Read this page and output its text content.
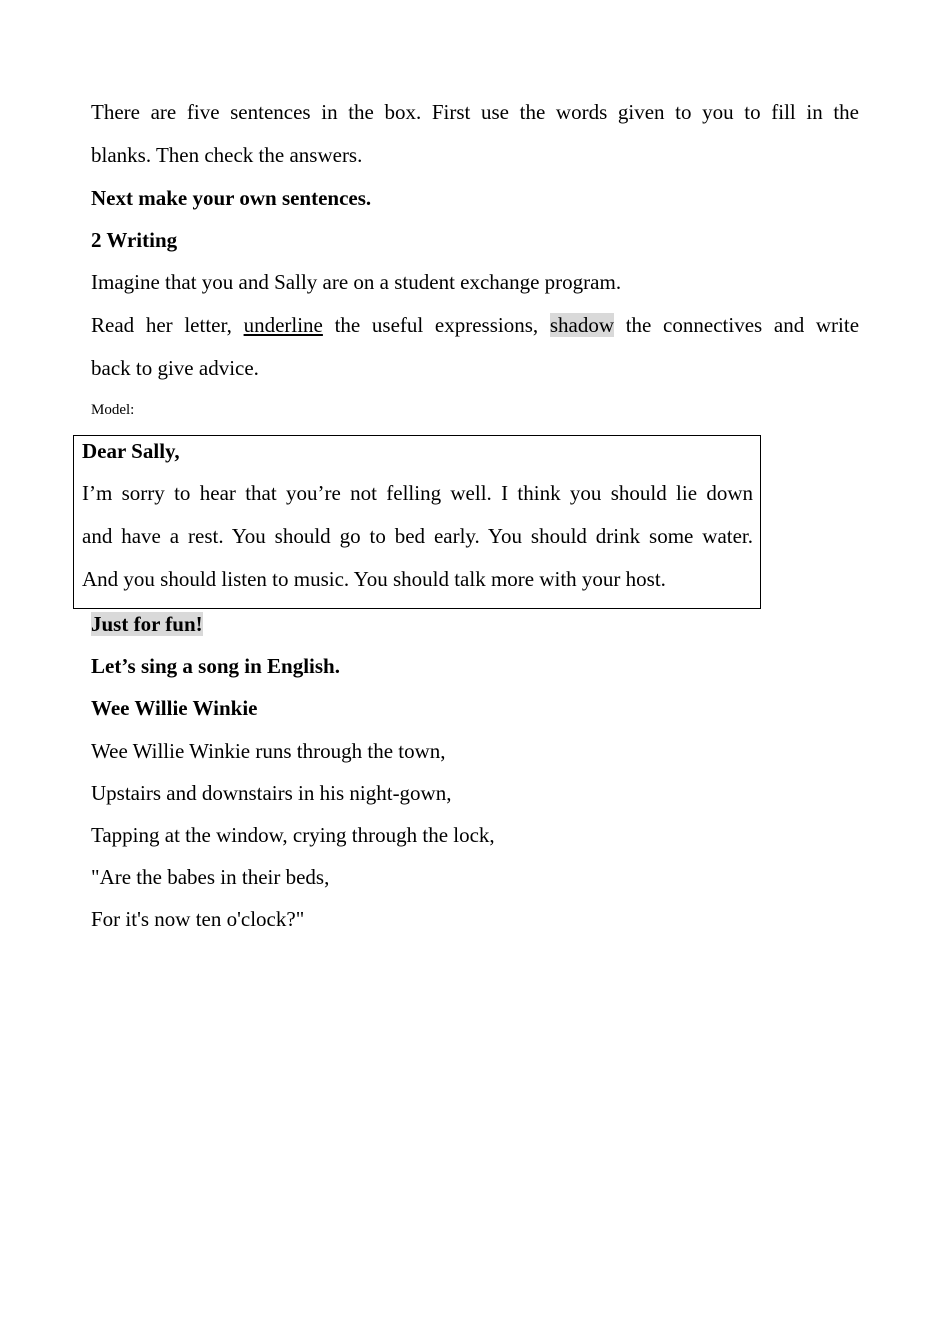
There are five sentences in the box. First use the words given to you to fill in the
blanks. Then check the answers.
Next make your own sentences.
2 Writing
Imagine that you and Sally are on a student exchange program.
Read her letter, underline the useful expressions, shadow the connectives and write
back to give advice.
Model:
Dear Sally,
I’m sorry to hear that you’re not felling well. I think you should lie down
and have a rest. You should go to bed early. You should drink some water.
And you should listen to music. You should talk more with your host.
Just for fun!
Let’s sing a song in English.
Wee Willie Winkie
Wee Willie Winkie runs through the town,
Upstairs and downstairs in his night-gown,
Tapping at the window, crying through the lock,
"Are the babes in their beds,
For it's now ten o'clock?"
